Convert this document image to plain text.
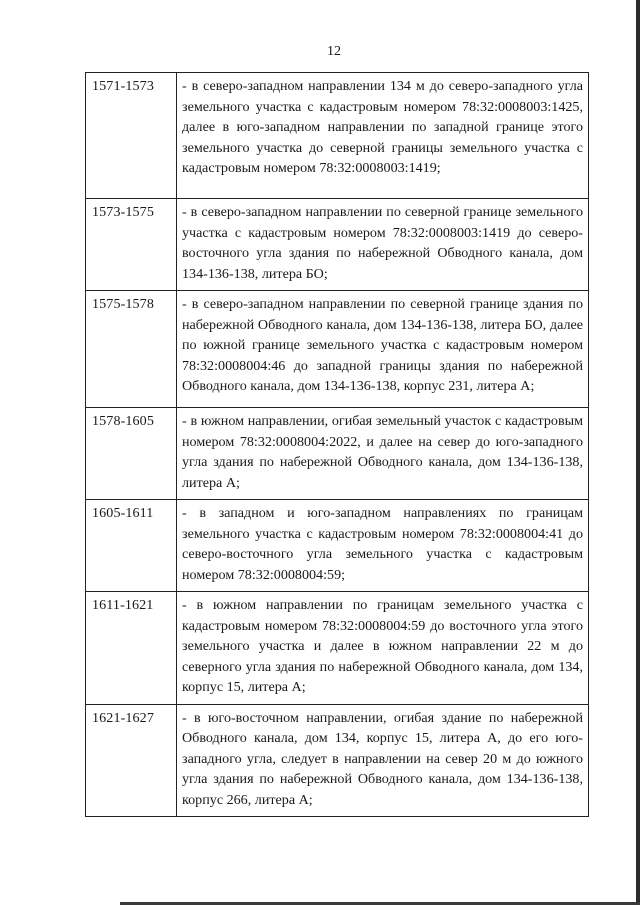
12
1571-1573	- в северо-западном направлении 134 м до северо-западного угла земельного участка с кадастровым номером 78:32:0008003:1425, далее в юго-западном направлении по западной границе этого земельного участка до северной границы земельного участка с кадастровым номером 78:32:0008003:1419;
1573-1575	- в северо-западном направлении по северной границе земельного участка с кадастровым номером 78:32:0008003:1419 до северо-восточного угла здания по набережной Обводного канала, дом 134-136-138, литера БО;
1575-1578	- в северо-западном направлении по северной границе здания по набережной Обводного канала, дом 134-136-138, литера БО, далее по южной границе земельного участка с кадастровым номером 78:32:0008004:46 до западной границы здания по набережной Обводного канала, дом 134-136-138, корпус 231, литера А;
1578-1605	- в южном направлении, огибая земельный участок с кадастровым номером 78:32:0008004:2022, и далее на север до юго-западного угла здания по набережной Обводного канала, дом 134-136-138, литера А;
1605-1611	- в западном и юго-западном направлениях по границам земельного участка с кадастровым номером 78:32:0008004:41 до северо-восточного угла земельного участка с кадастровым номером 78:32:0008004:59;
1611-1621	- в южном направлении по границам земельного участка с кадастровым номером 78:32:0008004:59 до восточного угла этого земельного участка и далее в южном направлении 22 м до северного угла здания по набережной Обводного канала, дом 134, корпус 15, литера А;
1621-1627	- в юго-восточном направлении, огибая здание по набережной Обводного канала, дом 134, корпус 15, литера А, до его юго-западного угла, следует в направлении на север 20 м до южного угла здания по набережной Обводного канала, дом 134-136-138, корпус 266, литера А;
